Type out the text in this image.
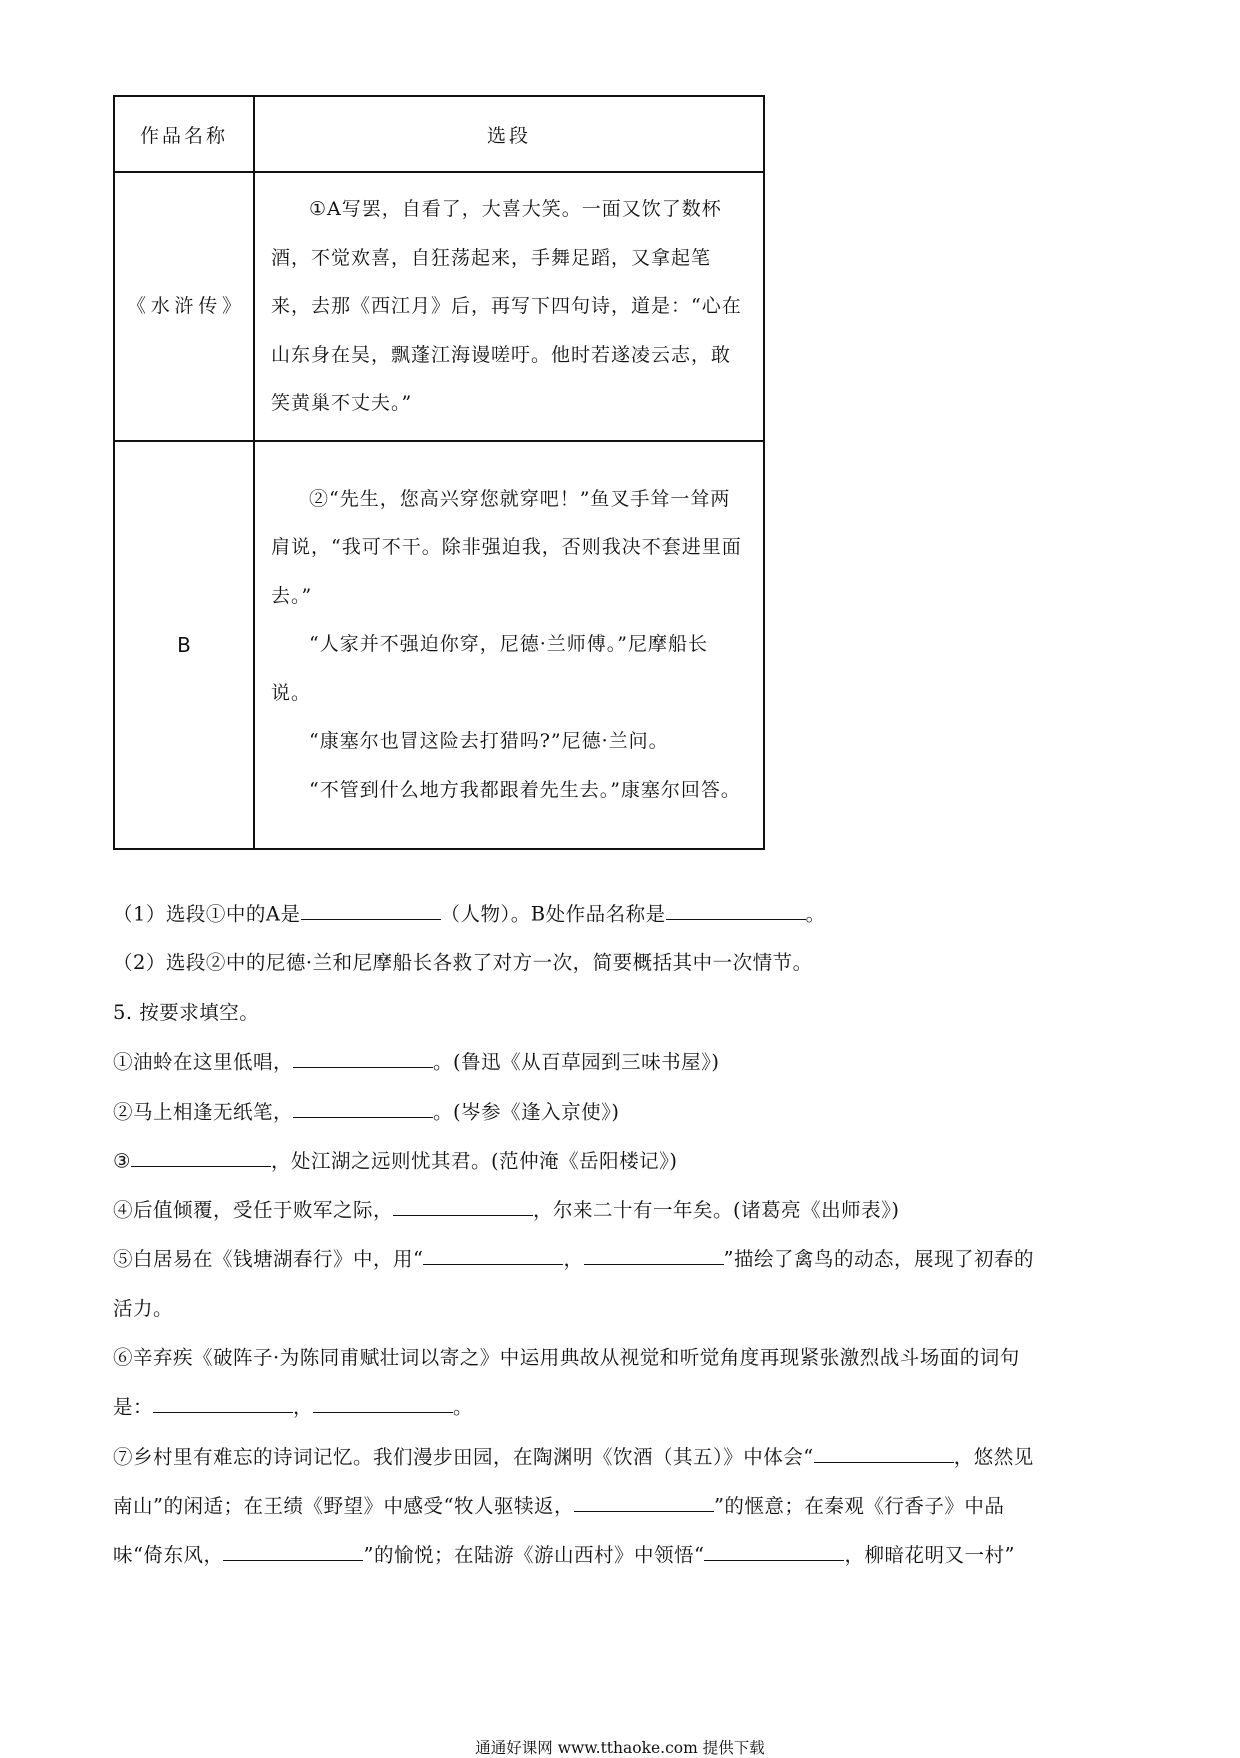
作品名称	选段
《水浒传》	①A写罢，自看了，大喜大笑。一面又饮了数杯酒，不觉欢喜，自狂荡起来，手舞足蹈，又拿起笔来，去那《西江月》后，再写下四句诗，道是：“心在山东身在吴，飘蓬江海谩嗟吁。他时若遂凌云志，敢笑黄巢不丈夫。”

B	②“先生，您高兴穿您就穿吧！”鱼叉手耸一耸两肩说，“我可不干。除非强迫我，否则我决不套进里面去。”

“人家并不强迫你穿，尼德·兰师傅。”尼摩船长说。

“康塞尔也冒这险去打猎吗?”尼德·兰问。

“不管到什么地方我都跟着先生去。”康塞尔回答。

（1）选段①中的A是	（人物）。B处作品名称是	。

（2）选段②中的尼德·兰和尼摩船长各救了对方一次，简要概括其中一次情节。

5. 按要求填空。

①油蛉在这里低唱，	。(鲁迅《从百草园到三味书屋》)

②马上相逢无纸笔，	。(岑参《逢入京使》)

③	，处江湖之远则忧其君。(范仲淹《岳阳楼记》)

④后值倾覆，受任于败军之际，	，尔来二十有一年矣。(诸葛亮《出师表》)

⑤白居易在《钱塘湖春行》中，用“	，	”描绘了禽鸟的动态，展现了初春的

活力。

⑥辛弃疾《破阵子·为陈同甫赋壮词以寄之》中运用典故从视觉和听觉角度再现紧张激烈战斗场面的词句

是：	，	。

⑦乡村里有难忘的诗词记忆。我们漫步田园，在陶渊明《饮酒（其五）》中体会“	，悠然见

南山”的闲适；在王绩《野望》中感受“牧人驱犊返，	”的惬意；在秦观《行香子》中品

味“倚东风，	”的愉悦；在陆游《游山西村》中领悟“	，柳暗花明又一村”

通通好课网 www.tthaoke.com 提供下载
